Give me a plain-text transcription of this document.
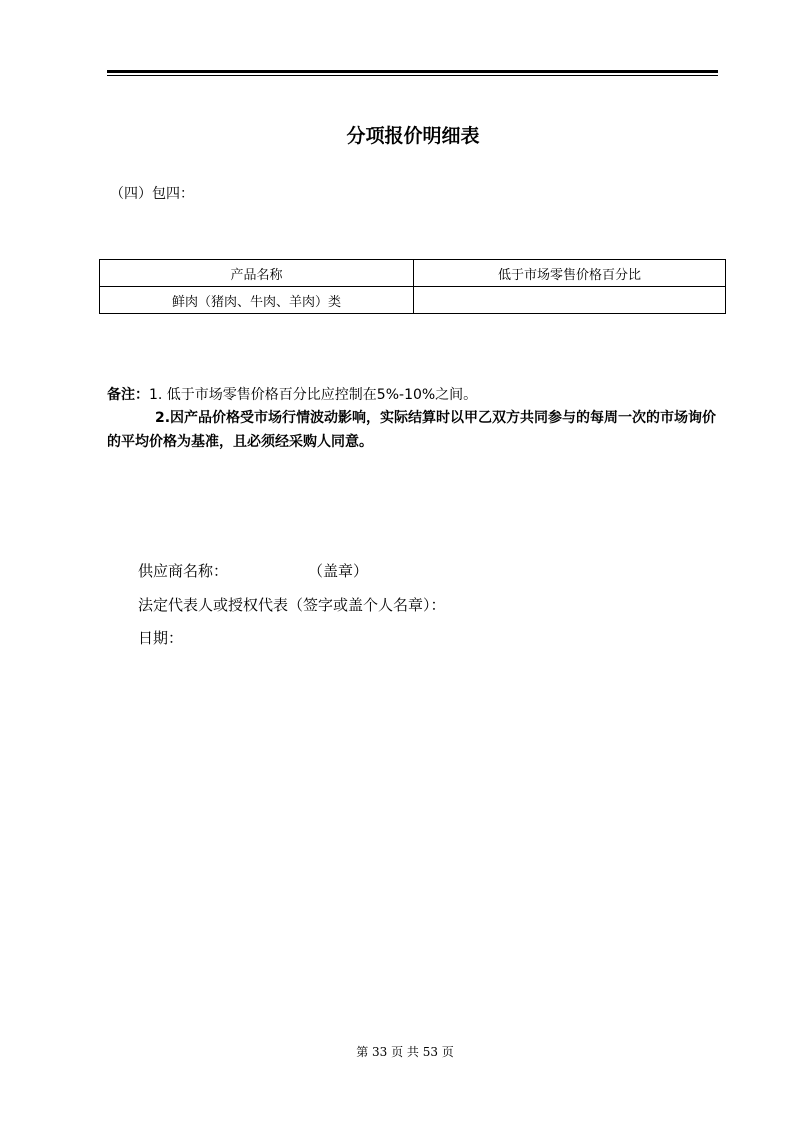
分项报价明细表
（四）包四：
产品名称	低于市场零售价格百分比
鲜肉（猪肉、牛肉、羊肉）类	
备注：1. 低于市场零售价格百分比应控制在5%-10%之间。
2.因产品价格受市场行情波动影响，实际结算时以甲乙双方共同参与的每周一次的市场询价的平均价格为基准，且必须经采购人同意。
供应商名称：	（盖章）
法定代表人或授权代表（签字或盖个人名章）：
日期：
第 33 页 共 53 页
